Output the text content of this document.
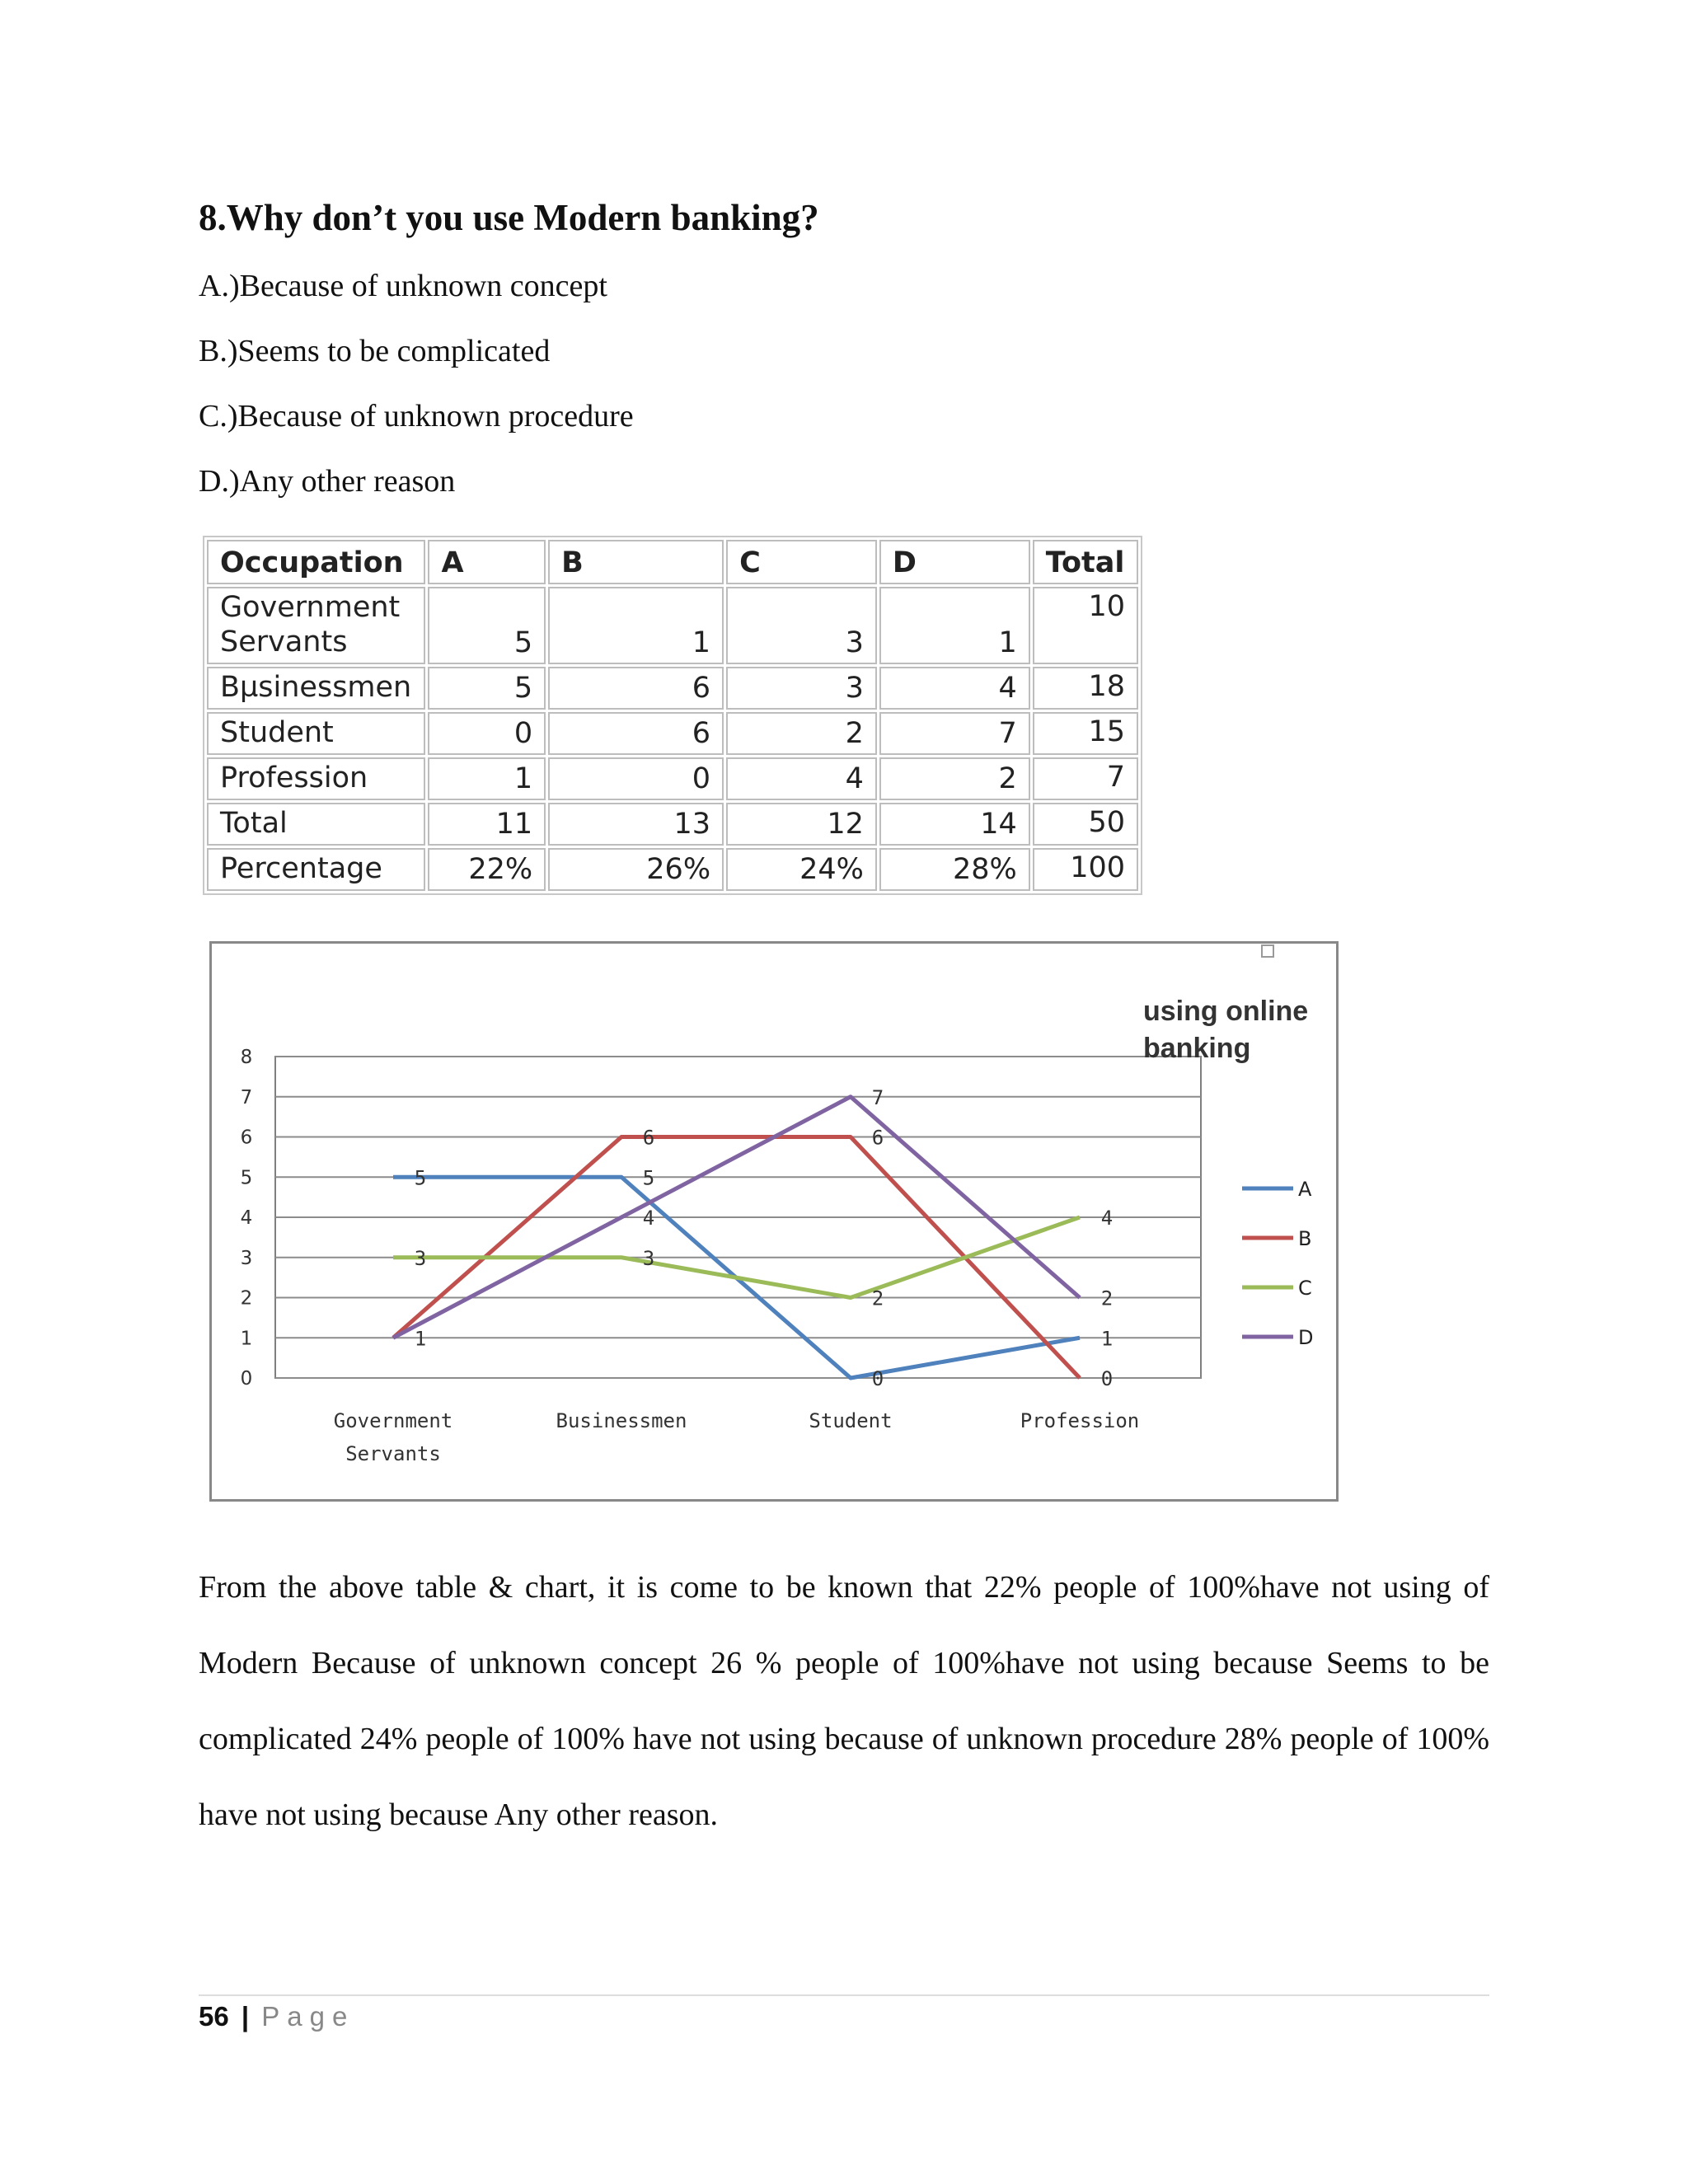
8.Why don’t you use Modern banking?

A.)Because of unknown concept

B.)Seems to be complicated

C.)Because of unknown procedure

D.)Any other reason

Occupation	A	B	C	D	Total
Government
Servants	5	1	3	1	10
Bµsinessmen	5	6	3	4	18
Student	0	6	2	7	15
Profession	1	0	4	2	7
Total	11	13	12	14	50
Percentage	22%	26%	24%	28%	100
0
1
2
3
4
5
6
7
8
Government
Servants
Businessmen	Student	Profession
5
1
3
5
6
3
4
0
6
2
7
1
0
4
2
A
B
C
D
using online
banking

From the above table & chart, it is come to be known that 22% people of 100%have not using of Modern Because of unknown concept 26 % people of 100%have not using because Seems to be complicated 24% people of 100% have not using because of unknown procedure 28% people of 100% have not using because Any other reason.

56 | Page
